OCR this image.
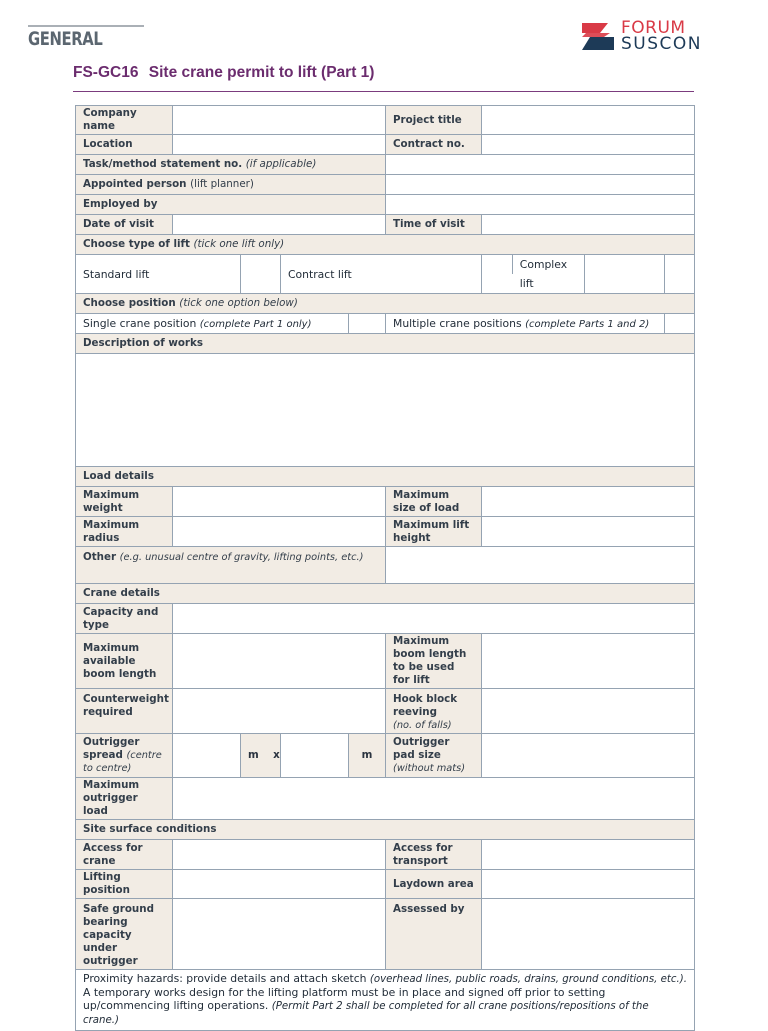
GENERAL	FORUM
SUSCON
FS-GC16 Site crane permit to lift (Part 1)
Company name					Project title			
Location					Contract no.			
Task/method statement no. (if applicable)								
Appointed person (lift planner)								
Employed by								
Date of visit					Time of visit			
Choose type of lift (tick one lift only)								
Standard lift			Contract lift			Complex lift		

Choose position (tick one option below)								
Single crane position (complete Part 1 only)					Multiple crane positions (complete Parts 1 and 2)			
Description of works								

Load details								
Maximum weight					Maximum size of load			
Maximum radius					Maximum lift height			
Other (e.g. unusual centre of gravity, lifting points, etc.)								
Crane details								
Capacity and type								
Maximum available boom length					Maximum boom length to be used for lift			
Counterweight required					Hook block reeving
(no. of falls)			
Outrigger spread (centre to centre)		m x		m	Outrigger pad size (without mats)			
Maximum outrigger load								
Site surface conditions								
Access for crane					Access for transport			
Lifting position					Laydown area			
Safe ground bearing capacity under outrigger					Assessed by			
Proximity hazards: provide details and attach sketch (overhead lines, public roads, drains, ground conditions, etc.).
A temporary works design for the lifting platform must be in place and signed off prior to setting up/commencing lifting operations. (Permit Part 2 shall be completed for all crane positions/repositions of the crane.)								
